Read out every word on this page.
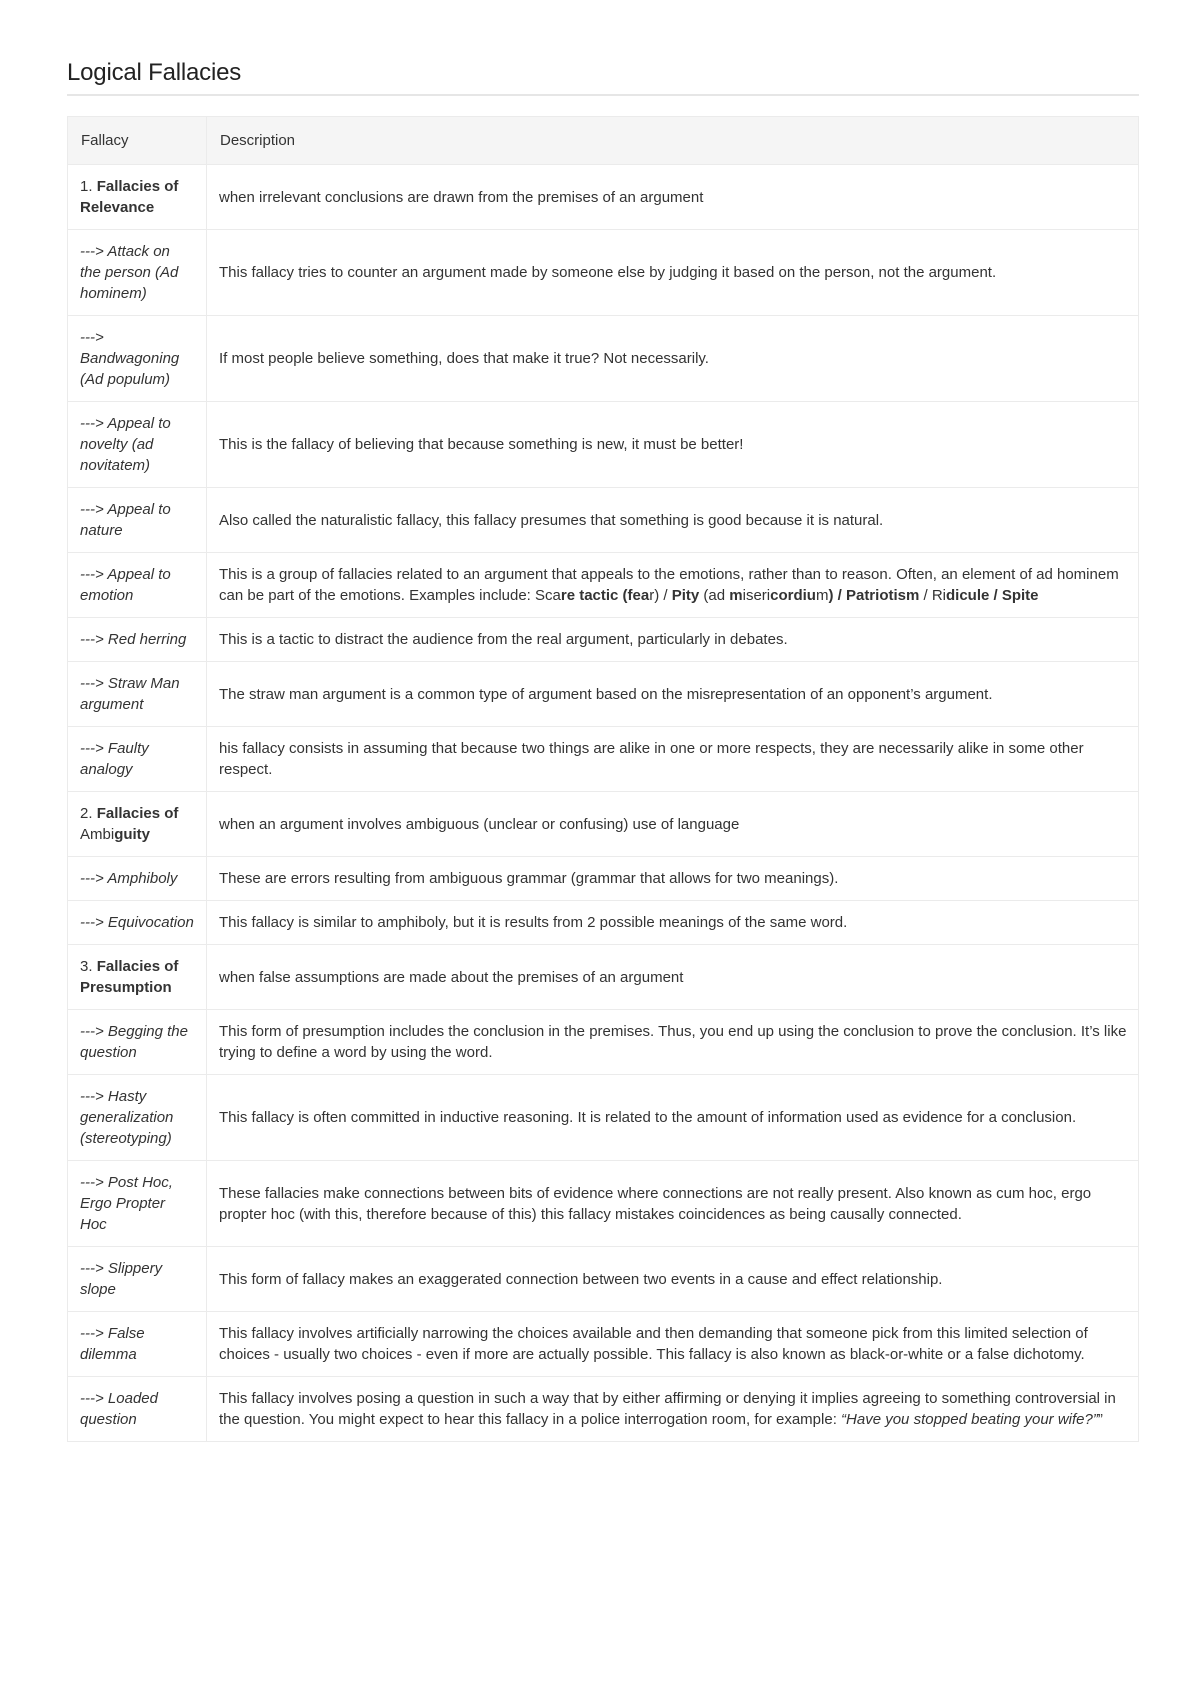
Logical Fallacies
Fallacy	Description
1. Fallacies of Relevance	when irrelevant conclusions are drawn from the premises of an argument
---> Attack on the person (Ad hominem)	This fallacy tries to counter an argument made by someone else by judging it based on the person, not the argument.
---> Bandwagoning (Ad populum)	If most people believe something, does that make it true? Not necessarily.
---> Appeal to novelty (ad novitatem)	This is the fallacy of believing that because something is new, it must be better!
---> Appeal to nature	Also called the naturalistic fallacy, this fallacy presumes that something is good because it is natural.
---> Appeal to emotion	This is a group of fallacies related to an argument that appeals to the emotions, rather than to reason. Often, an element of ad hominem can be part of the emotions. Examples include: Scare tactic (fear) / Pity (ad misericordium) / Patriotism / Ridicule / Spite
---> Red herring	This is a tactic to distract the audience from the real argument, particularly in debates.
---> Straw Man argument	The straw man argument is a common type of argument based on the misrepresentation of an opponent’s argument.
---> Faulty analogy	his fallacy consists in assuming that because two things are alike in one or more respects, they are necessarily alike in some other respect.
2. Fallacies of Ambiguity	when an argument involves ambiguous (unclear or confusing) use of language
---> Amphiboly	These are errors resulting from ambiguous grammar (grammar that allows for two meanings).
---> Equivocation	This fallacy is similar to amphiboly, but it is results from 2 possible meanings of the same word.
3. Fallacies of Presumption	when false assumptions are made about the premises of an argument
---> Begging the question	This form of presumption includes the conclusion in the premises. Thus, you end up using the conclusion to prove the conclusion. It’s like trying to define a word by using the word.
---> Hasty generalization (stereotyping)	This fallacy is often committed in inductive reasoning. It is related to the amount of information used as evidence for a conclusion.
---> Post Hoc, Ergo Propter Hoc	These fallacies make connections between bits of evidence where connections are not really present. Also known as cum hoc, ergo propter hoc (with this, therefore because of this) this fallacy mistakes coincidences as being causally connected.
---> Slippery slope	This form of fallacy makes an exaggerated connection between two events in a cause and effect relationship.
---> False dilemma	This fallacy involves artificially narrowing the choices available and then demanding that someone pick from this limited selection of choices - usually two choices - even if more are actually possible. This fallacy is also known as black-or-white or a false dichotomy.
---> Loaded question	This fallacy involves posing a question in such a way that by either affirming or denying it implies agreeing to something controversial in the question. You might expect to hear this fallacy in a police interrogation room, for example: “Have you stopped beating your wife?””
